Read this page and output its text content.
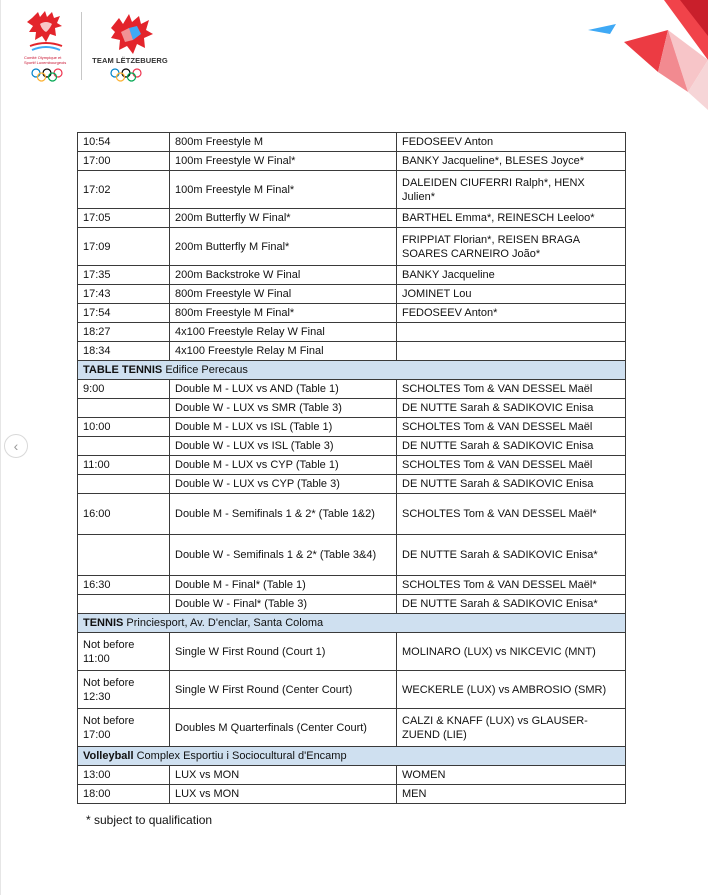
Comité Olympique et Sportif Luxembourgeois	TEAM LËTZEBUERG
‹
10:54	800m Freestyle M	FEDOSEEV Anton
17:00	100m Freestyle W Final*	BANKY Jacqueline*, BLESES Joyce*
17:02	100m Freestyle M Final*	DALEIDEN CIUFERRI Ralph*, HENX Julien*
17:05	200m Butterfly W Final*	BARTHEL Emma*, REINESCH Leeloo*
17:09	200m Butterfly M Final*	FRIPPIAT Florian*, REISEN BRAGA SOARES CARNEIRO João*
17:35	200m Backstroke W Final	BANKY Jacqueline
17:43	800m Freestyle W Final	JOMINET Lou
17:54	800m Freestyle M Final*	FEDOSEEV Anton*
18:27	4x100 Freestyle Relay W Final	
18:34	4x100 Freestyle Relay M Final	
TABLE TENNIS Edifice Perecaus		
9:00	Double M - LUX vs AND (Table 1)	SCHOLTES Tom & VAN DESSEL Maël
	Double W - LUX vs SMR (Table 3)	DE NUTTE Sarah & SADIKOVIC Enisa
10:00	Double M - LUX vs ISL (Table 1)	SCHOLTES Tom & VAN DESSEL Maël
	Double W - LUX vs ISL (Table 3)	DE NUTTE Sarah & SADIKOVIC Enisa
11:00	Double M - LUX vs CYP (Table 1)	SCHOLTES Tom & VAN DESSEL Maël
	Double W - LUX vs CYP (Table 3)	DE NUTTE Sarah & SADIKOVIC Enisa
16:00	Double M - Semifinals 1 & 2* (Table 1&2)	SCHOLTES Tom & VAN DESSEL Maël*
	Double W - Semifinals 1 & 2* (Table 3&4)	DE NUTTE Sarah & SADIKOVIC Enisa*
16:30	Double M - Final* (Table 1)	SCHOLTES Tom & VAN DESSEL Maël*
	Double W - Final* (Table 3)	DE NUTTE Sarah & SADIKOVIC Enisa*
TENNIS Princiesport, Av. D'enclar, Santa Coloma		
Not before 11:00	Single W First Round (Court 1)	MOLINARO (LUX) vs NIKCEVIC (MNT)
Not before 12:30	Single W First Round (Center Court)	WECKERLE (LUX) vs AMBROSIO (SMR)
Not before 17:00	Doubles M Quarterfinals (Center Court)	CALZI & KNAFF (LUX) vs GLAUSER-ZUEND (LIE)
Volleyball Complex Esportiu i Sociocultural d'Encamp		
13:00	LUX vs MON	WOMEN
18:00	LUX vs MON	MEN
* subject to qualification
